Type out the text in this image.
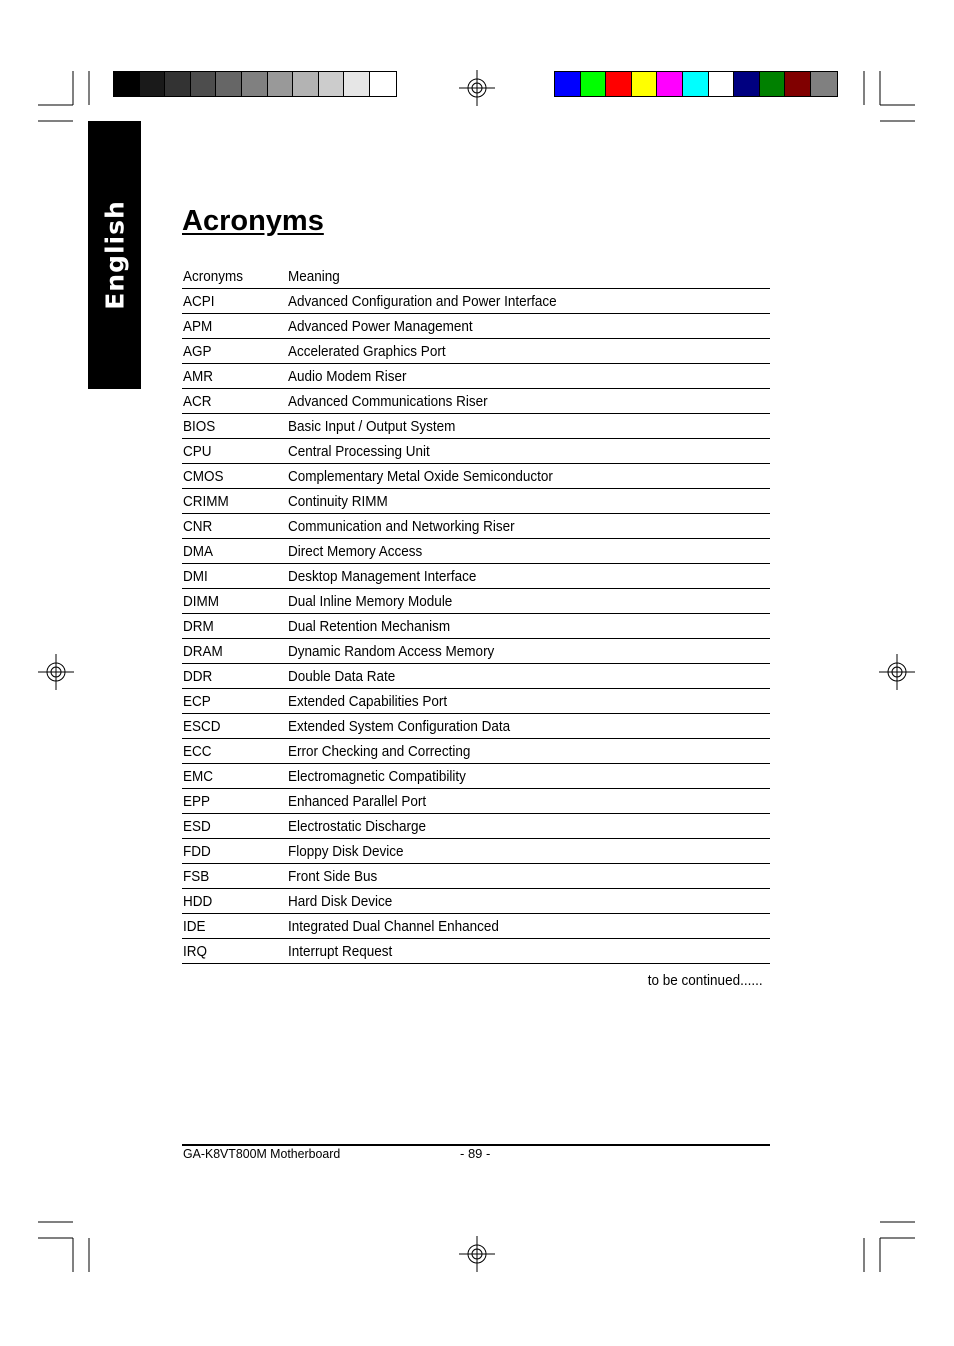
English Acronyms
Acronyms	Meaning
ACPI	Advanced Configuration and Power Interface
APM	Advanced Power Management
AGP	Accelerated Graphics Port
AMR	Audio Modem Riser
ACR	Advanced Communications Riser
BIOS	Basic Input / Output System
CPU	Central Processing Unit
CMOS	Complementary Metal Oxide Semiconductor
CRIMM	Continuity RIMM
CNR	Communication and Networking Riser
DMA	Direct Memory Access
DMI	Desktop Management Interface
DIMM	Dual Inline Memory Module
DRM	Dual Retention Mechanism
DRAM	Dynamic Random Access Memory
DDR	Double Data Rate
ECP	Extended Capabilities Port
ESCD	Extended System Configuration Data
ECC	Error Checking and Correcting
EMC	Electromagnetic Compatibility
EPP	Enhanced Parallel Port
ESD	Electrostatic Discharge
FDD	Floppy Disk Device
FSB	Front Side Bus
HDD	Hard Disk Device
IDE	Integrated Dual Channel Enhanced
IRQ	Interrupt Request
to be continued......
GA-K8VT800M Motherboard	- 89 -
